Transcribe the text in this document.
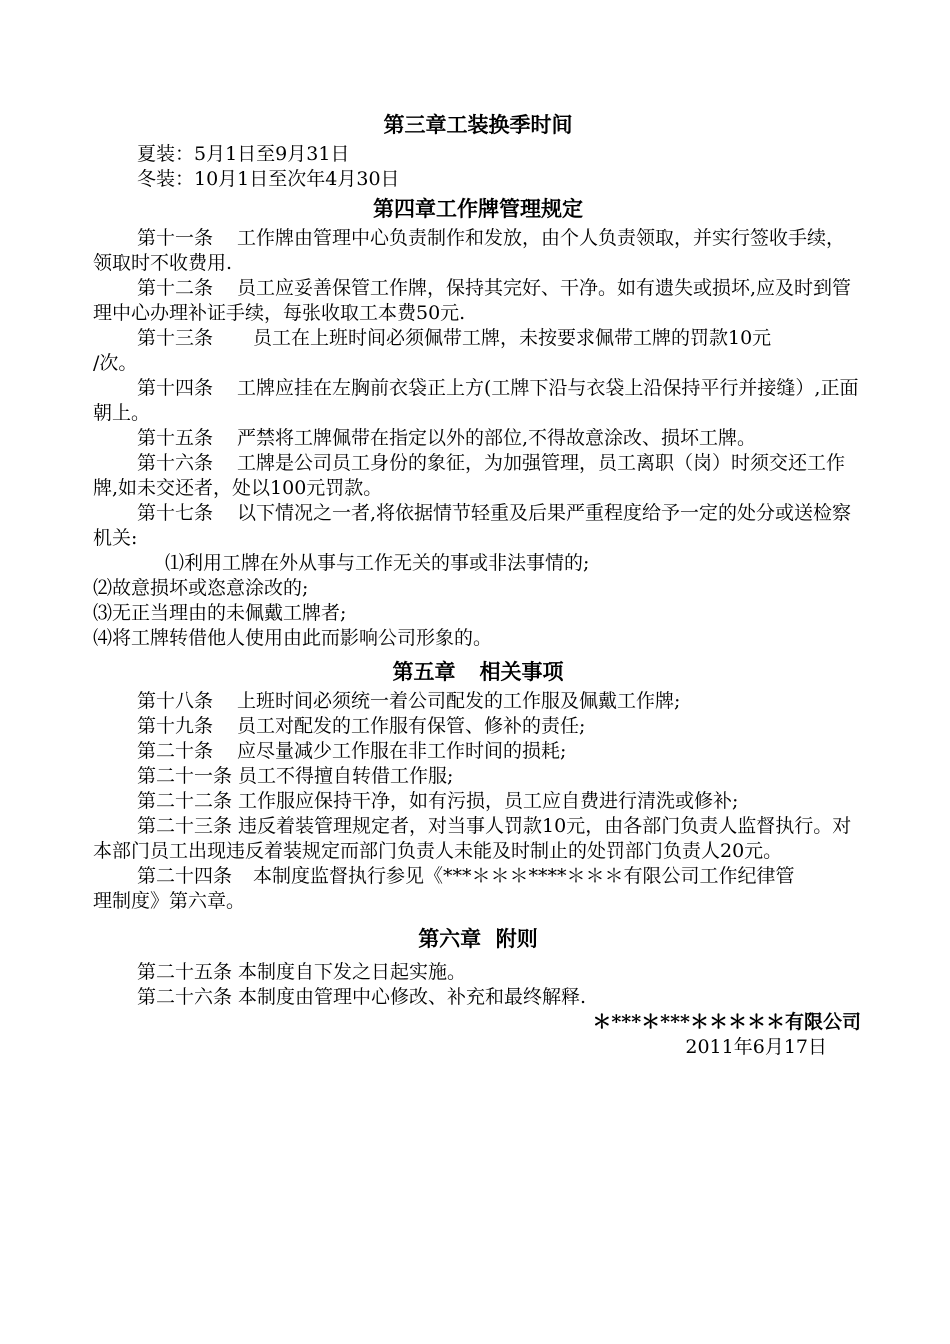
第三章工装换季时间
夏装：5月1日至9月31日
冬装：10月1日至次年4月30日
第四章工作牌管理规定
第十一条 工作牌由管理中心负责制作和发放，由个人负责领取，并实行签收手续，领取时不收费用.
第十二条 员工应妥善保管工作牌，保持其完好、干净。如有遗失或损坏,应及时到管理中心办理补证手续，每张收取工本费50元.
第十三条	员工在上班时间必须佩带工牌，未按要求佩带工牌的罚款10元
/次。
第十四条 工牌应挂在左胸前衣袋正上方(工牌下沿与衣袋上沿保持平行并接缝）,正面朝上。
第十五条 严禁将工牌佩带在指定以外的部位,不得故意涂改、损坏工牌。
第十六条 工牌是公司员工身份的象征，为加强管理，员工离职（岗）时须交还工作牌,如未交还者，处以100元罚款。
第十七条 以下情况之一者,将依据情节轻重及后果严重程度给予一定的处分或送检察机关:
⑴利用工牌在外从事与工作无关的事或非法事情的;
⑵故意损坏或恣意涂改的;
⑶无正当理由的未佩戴工牌者;
⑷将工牌转借他人使用由此而影响公司形象的。
第五章 相关事项
第十八条 上班时间必须统一着公司配发的工作服及佩戴工作牌;
第十九条 员工对配发的工作服有保管、修补的责任;
第二十条 应尽量减少工作服在非工作时间的损耗;
第二十一条 员工不得擅自转借工作服;
第二十二条 工作服应保持干净，如有污损，员工应自费进行清洗或修补;
第二十三条 违反着装管理规定者，对当事人罚款10元，由各部门负责人监督执行。对本部门员工出现违反着装规定而部门负责人未能及时制止的处罚部门负责人20元。
第二十四条	本制度监督执行参见《***＊＊＊****＊＊＊有限公司工作纪律管
理制度》第六章。
第六章  附则
第二十五条 本制度自下发之日起实施。
第二十六条 本制度由管理中心修改、补充和最终解释.
＊***＊***＊＊＊＊＊有限公司
2011年6月17日
